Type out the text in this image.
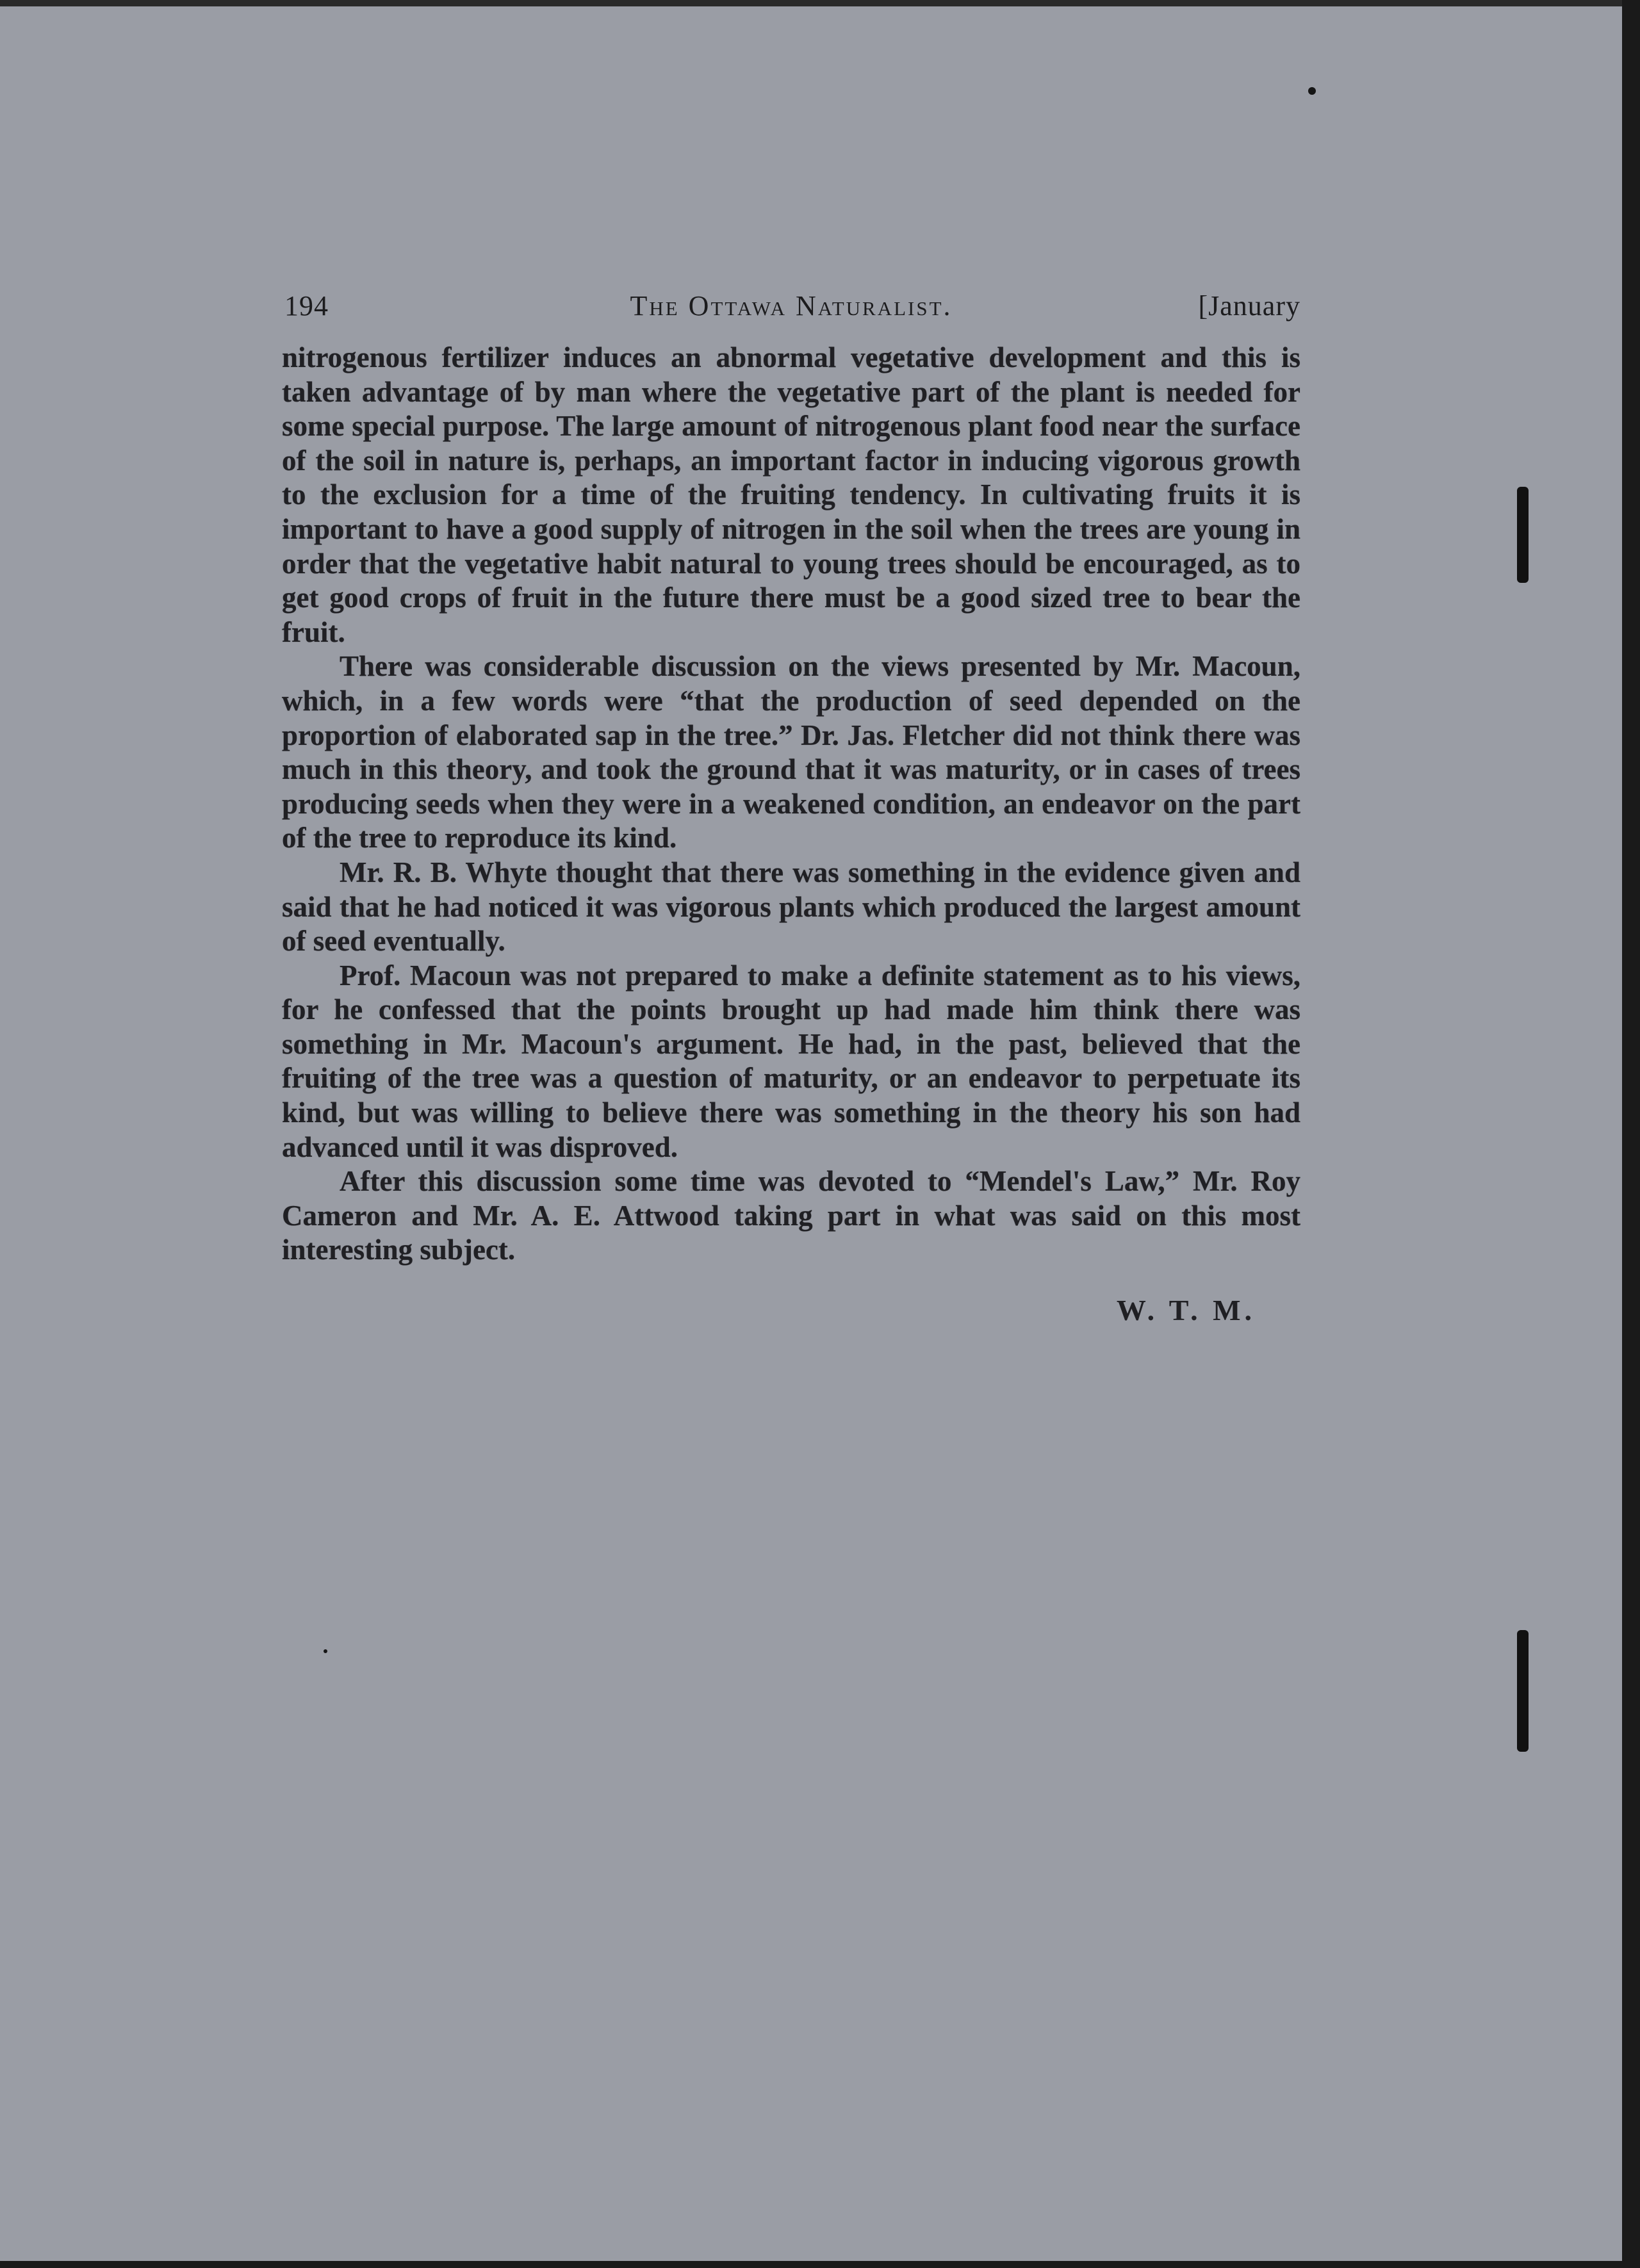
194	The Ottawa Naturalist.	[January

nitrogenous fertilizer induces an abnormal vegetative development and this is taken advantage of by man where the vegetative part of the plant is needed for some special purpose. The large amount of nitrogenous plant food near the surface of the soil in nature is, perhaps, an important factor in inducing vigorous growth to the exclusion for a time of the fruiting tendency. In cultivating fruits it is important to have a good supply of nitrogen in the soil when the trees are young in order that the vegetative habit natural to young trees should be encouraged, as to get good crops of fruit in the future there must be a good sized tree to bear the fruit.

There was considerable discussion on the views presented by Mr. Macoun, which, in a few words were “that the production of seed depended on the proportion of elaborated sap in the tree.” Dr. Jas. Fletcher did not think there was much in this theory, and took the ground that it was maturity, or in cases of trees producing seeds when they were in a weakened condition, an endeavor on the part of the tree to reproduce its kind.

Mr. R. B. Whyte thought that there was something in the evidence given and said that he had noticed it was vigorous plants which produced the largest amount of seed eventually.

Prof. Macoun was not prepared to make a definite statement as to his views, for he confessed that the points brought up had made him think there was something in Mr. Macoun's argument. He had, in the past, believed that the fruiting of the tree was a question of maturity, or an endeavor to perpetuate its kind, but was willing to believe there was something in the theory his son had advanced until it was disproved.

After this discussion some time was devoted to “Mendel's Law,” Mr. Roy Cameron and Mr. A. E. Attwood taking part in what was said on this most interesting subject.

W. T. M.
